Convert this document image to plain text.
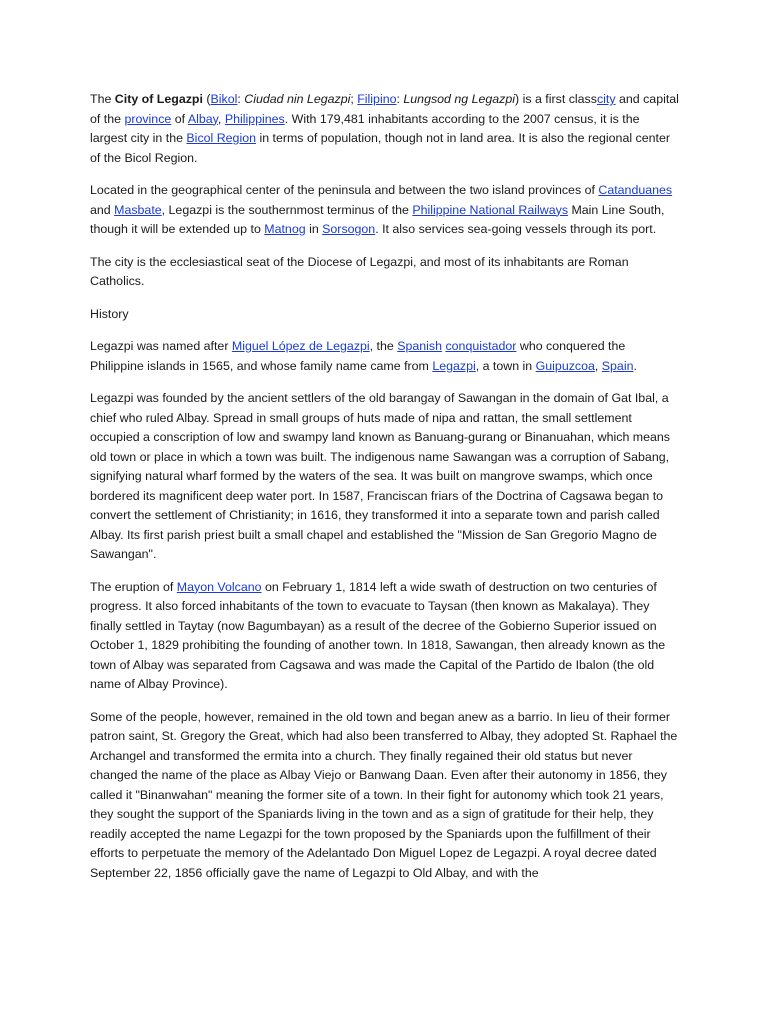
The City of Legazpi (Bikol: Ciudad nin Legazpi; Filipino: Lungsod ng Legazpi) is a first classcity and capital of the province of Albay, Philippines. With 179,481 inhabitants according to the 2007 census, it is the largest city in the Bicol Region in terms of population, though not in land area. It is also the regional center of the Bicol Region.

Located in the geographical center of the peninsula and between the two island provinces of Catanduanes and Masbate, Legazpi is the southernmost terminus of the Philippine National Railways Main Line South, though it will be extended up to Matnog in Sorsogon. It also services sea-going vessels through its port.

The city is the ecclesiastical seat of the Diocese of Legazpi, and most of its inhabitants are Roman Catholics.

History

Legazpi was named after Miguel López de Legazpi, the Spanish conquistador who conquered the Philippine islands in 1565, and whose family name came from Legazpi, a town in Guipuzcoa, Spain.

Legazpi was founded by the ancient settlers of the old barangay of Sawangan in the domain of Gat Ibal, a chief who ruled Albay. Spread in small groups of huts made of nipa and rattan, the small settlement occupied a conscription of low and swampy land known as Banuang-gurang or Binanuahan, which means old town or place in which a town was built. The indigenous name Sawangan was a corruption of Sabang, signifying natural wharf formed by the waters of the sea. It was built on mangrove swamps, which once bordered its magnificent deep water port. In 1587, Franciscan friars of the Doctrina of Cagsawa began to convert the settlement of Christianity; in 1616, they transformed it into a separate town and parish called Albay. Its first parish priest built a small chapel and established the "Mission de San Gregorio Magno de Sawangan".

The eruption of Mayon Volcano on February 1, 1814 left a wide swath of destruction on two centuries of progress. It also forced inhabitants of the town to evacuate to Taysan (then known as Makalaya). They finally settled in Taytay (now Bagumbayan) as a result of the decree of the Gobierno Superior issued on October 1, 1829 prohibiting the founding of another town. In 1818, Sawangan, then already known as the town of Albay was separated from Cagsawa and was made the Capital of the Partido de Ibalon (the old name of Albay Province).

Some of the people, however, remained in the old town and began anew as a barrio. In lieu of their former patron saint, St. Gregory the Great, which had also been transferred to Albay, they adopted St. Raphael the Archangel and transformed the ermita into a church. They finally regained their old status but never changed the name of the place as Albay Viejo or Banwang Daan. Even after their autonomy in 1856, they called it "Binanwahan" meaning the former site of a town. In their fight for autonomy which took 21 years, they sought the support of the Spaniards living in the town and as a sign of gratitude for their help, they readily accepted the name Legazpi for the town proposed by the Spaniards upon the fulfillment of their efforts to perpetuate the memory of the Adelantado Don Miguel Lopez de Legazpi. A royal decree dated September 22, 1856 officially gave the name of Legazpi to Old Albay, and with the
